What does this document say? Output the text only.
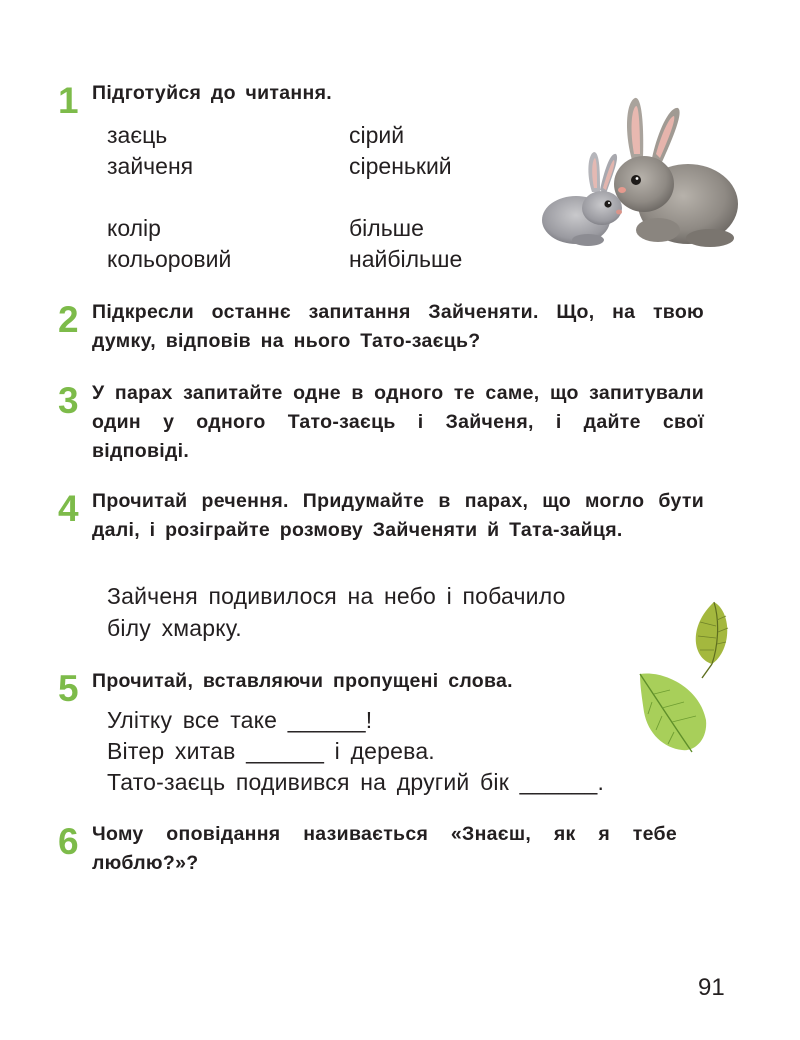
1 Підготуйся до читання.
заєць
зайченя
колір
кольоровий
сірий
сіренький
більше
найбільше
2 Підкресли останнє запитання Зайченяти. Що, на твою думку, відповів на нього Тато-заєць?
3 У парах запитайте одне в одного те саме, що запитували один у одного Тато-заєць і Зайченя, і дайте свої відповіді.
4 Прочитай речення. Придумайте в парах, що могло бути далі, і розіграйте розмову Зайченяти й Тата-зайця.
Зайченя подивилося на небо і побачило
білу хмарку.
5 Прочитай, вставляючи пропущені слова.
Улітку все таке ______!
Вітер хитав ______ і дерева.
Тато-заєць подивився на другий бік ______.
6 Чому оповідання називається «Знаєш, як я тебе люблю?»?
91
